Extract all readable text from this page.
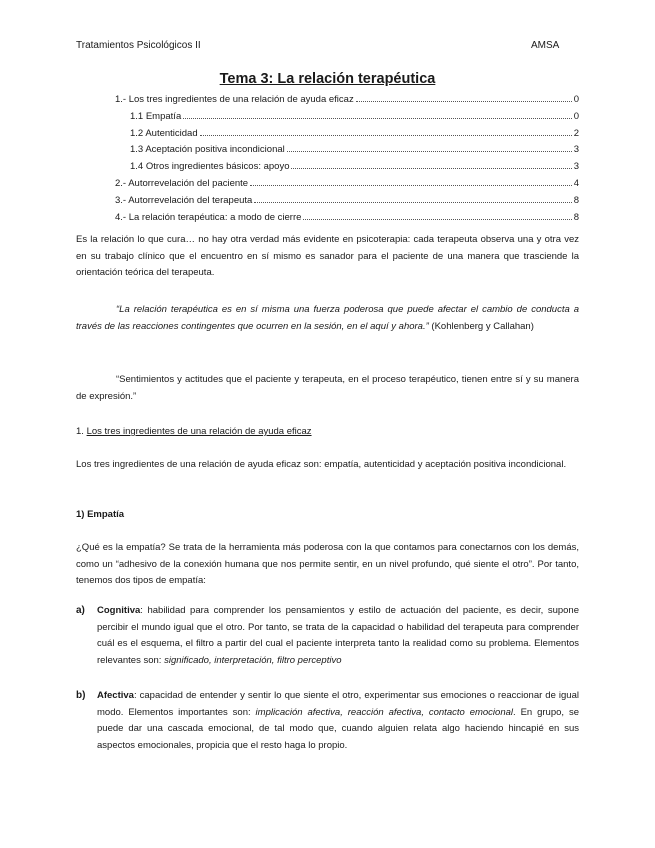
Tratamientos Psicológicos II	AMSA
Tema 3: La relación terapéutica
1.- Los tres ingredientes de una relación de ayuda eficaz	0
1.1 Empatía	0
1.2 Autenticidad	2
1.3 Aceptación positiva incondicional	3
1.4 Otros ingredientes básicos: apoyo	3
2.- Autorrevelación del paciente	4
3.- Autorrevelación del terapeuta	8
4.- La relación terapéutica: a modo de cierre	8

Es la relación lo que cura… no hay otra verdad más evidente en psicoterapia: cada terapeuta observa una y otra vez en su trabajo clínico que el encuentro en sí mismo es sanador para el paciente de una manera que trasciende la orientación teórica del terapeuta.

“La relación terapéutica es en sí misma una fuerza poderosa que puede afectar el cambio de conducta a través de las reacciones contingentes que ocurren en la sesión, en el aquí y ahora.” (Kohlenberg y Callahan)

“Sentimientos y actitudes que el paciente y terapeuta, en el proceso terapéutico, tienen entre sí y su manera de expresión.”

1. Los tres ingredientes de una relación de ayuda eficaz

Los tres ingredientes de una relación de ayuda eficaz son: empatía, autenticidad y aceptación positiva incondicional.

1) Empatía

¿Qué es la empatía? Se trata de la herramienta más poderosa con la que contamos para conectarnos con los demás, como un “adhesivo de la conexión humana que nos permite sentir, en un nivel profundo, qué siente el otro”. Por tanto, tenemos dos tipos de empatía:

a) Cognitiva: habilidad para comprender los pensamientos y estilo de actuación del paciente, es decir, supone percibir el mundo igual que el otro. Por tanto, se trata de la capacidad o habilidad del terapeuta para comprender cuál es el esquema, el filtro a partir del cual el paciente interpreta tanto la realidad como su problema. Elementos relevantes son: significado, interpretación, filtro perceptivo
b) Afectiva: capacidad de entender y sentir lo que siente el otro, experimentar sus emociones o reaccionar de igual modo. Elementos importantes son: implicación afectiva, reacción afectiva, contacto emocional. En grupo, se puede dar una cascada emocional, de tal modo que, cuando alguien relata algo haciendo hincapié en sus aspectos emocionales, propicia que el resto haga lo propio.
